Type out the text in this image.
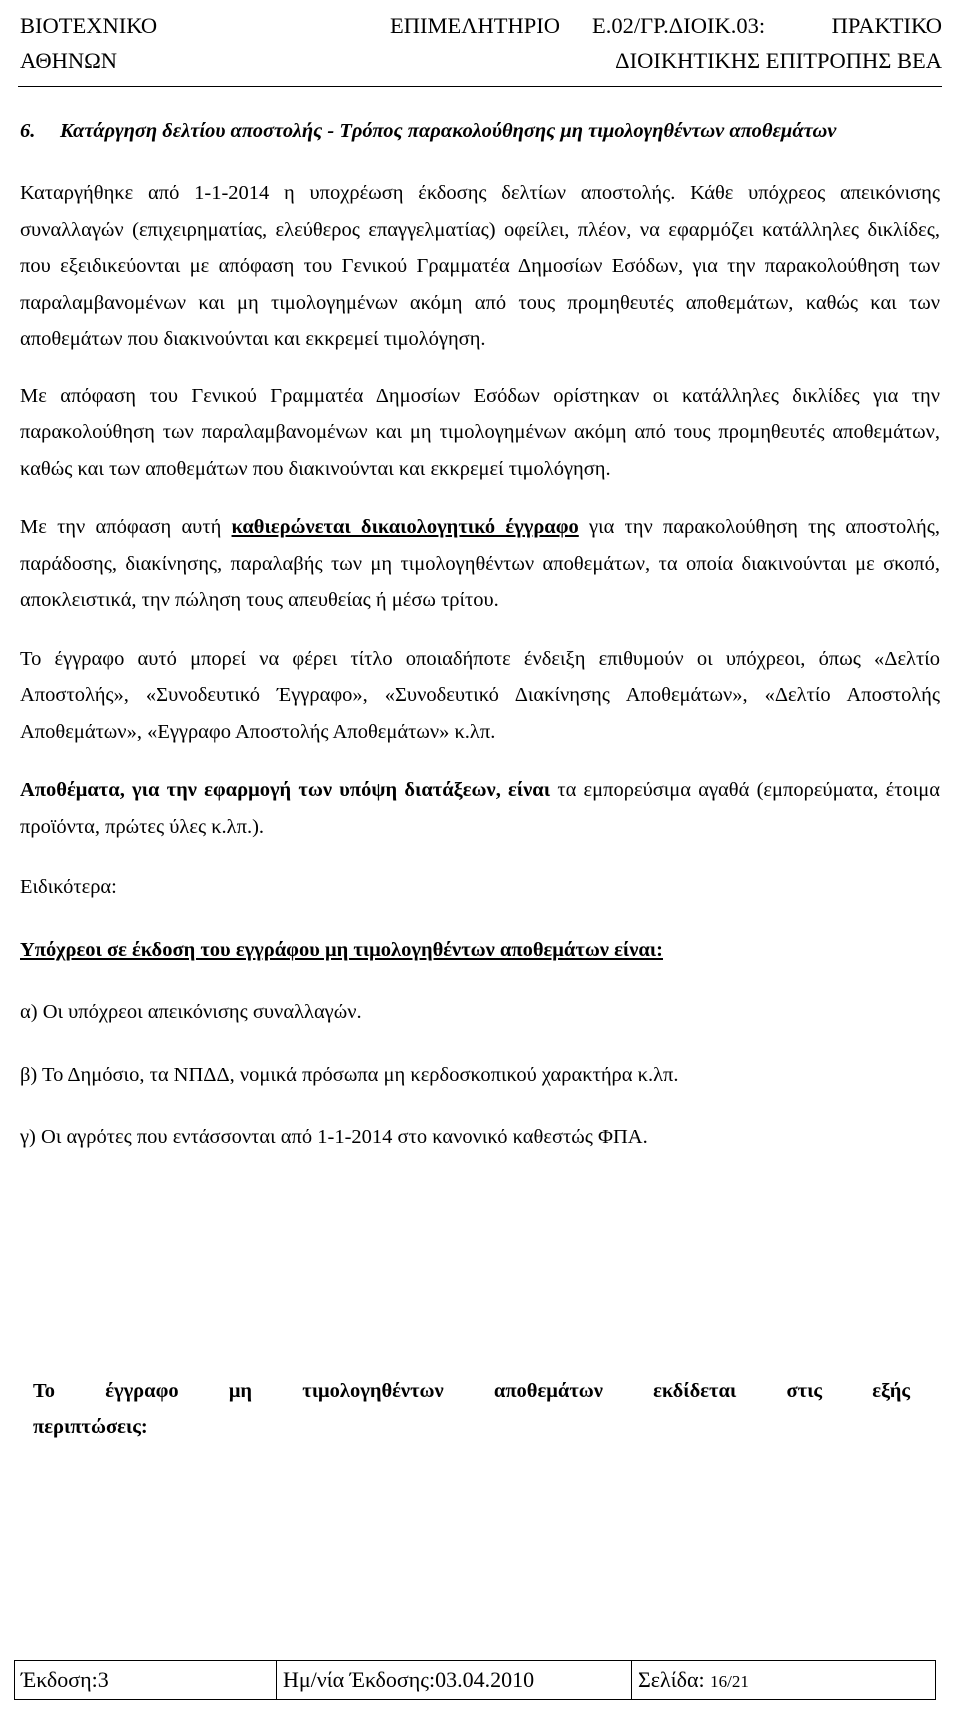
ΒΙΟΤΕΧΝΙΚΟ	ΕΠΙΜΕΛΗΤΗΡΙΟ Ε.02/ΓΡ.ΔΙΟΙΚ.03:	ΠΡΑΚΤΙΚΟ
ΑΘΗΝΩΝ	ΔΙΟΙΚΗΤΙΚΗΣ ΕΠΙΤΡΟΠΗΣ ΒΕΑ
6. Κατάργηση δελτίου αποστολής - Τρόπος παρακολούθησης μη τιμολογηθέντων αποθεμάτων

Καταργήθηκε από 1-1-2014 η υποχρέωση έκδοσης δελτίων αποστολής. Κάθε υπόχρεος απεικόνισης συναλλαγών (επιχειρηματίας, ελεύθερος επαγγελματίας) οφείλει, πλέον, να εφαρμόζει κατάλληλες δικλίδες, που εξειδικεύονται με απόφαση του Γενικού Γραμματέα Δημοσίων Εσόδων, για την παρακολούθηση των παραλαμβανομένων και μη τιμολογημένων ακόμη από τους προμηθευτές αποθεμάτων, καθώς και των αποθεμάτων που διακινούνται και εκκρεμεί τιμολόγηση.

Με απόφαση του Γενικού Γραμματέα Δημοσίων Εσόδων ορίστηκαν οι κατάλληλες δικλίδες για την παρακολούθηση των παραλαμβανομένων και μη τιμολογημένων ακόμη από τους προμηθευτές αποθεμάτων, καθώς και των αποθεμάτων που διακινούνται και εκκρεμεί τιμολόγηση.

Με την απόφαση αυτή καθιερώνεται δικαιολογητικό έγγραφο για την παρακολούθηση της αποστολής, παράδοσης, διακίνησης, παραλαβής των μη τιμολογηθέντων αποθεμάτων, τα οποία διακινούνται με σκοπό, αποκλειστικά, την πώληση τους απευθείας ή μέσω τρίτου.

Το έγγραφο αυτό μπορεί να φέρει τίτλο οποιαδήποτε ένδειξη επιθυμούν οι υπόχρεοι, όπως «Δελτίο Αποστολής», «Συνοδευτικό Έγγραφο», «Συνοδευτικό Διακίνησης Αποθεμάτων», «Δελτίο Αποστολής Αποθεμάτων», «Εγγραφο Αποστολής Αποθεμάτων» κ.λπ.

Αποθέματα, για την εφαρμογή των υπόψη διατάξεων, είναι τα εμπορεύσιμα αγαθά (εμπορεύματα, έτοιμα προϊόντα, πρώτες ύλες κ.λπ.).

Ειδικότερα:

Υπόχρεοι σε έκδοση του εγγράφου μη τιμολογηθέντων αποθεμάτων είναι:

α) Οι υπόχρεοι απεικόνισης συναλλαγών.

β) Το Δημόσιο, τα ΝΠΔΔ, νομικά πρόσωπα μη κερδοσκοπικού χαρακτήρα κ.λπ.

γ) Οι αγρότες που εντάσσονται από 1-1-2014 στο κανονικό καθεστώς ΦΠΑ.

Το έγγραφο μη τιμολογηθέντων αποθεμάτων εκδίδεται στις εξής
περιπτώσεις:
Έκδοση:3	Ημ/νία Έκδοσης:03.04.2010	Σελίδα: 16/21
